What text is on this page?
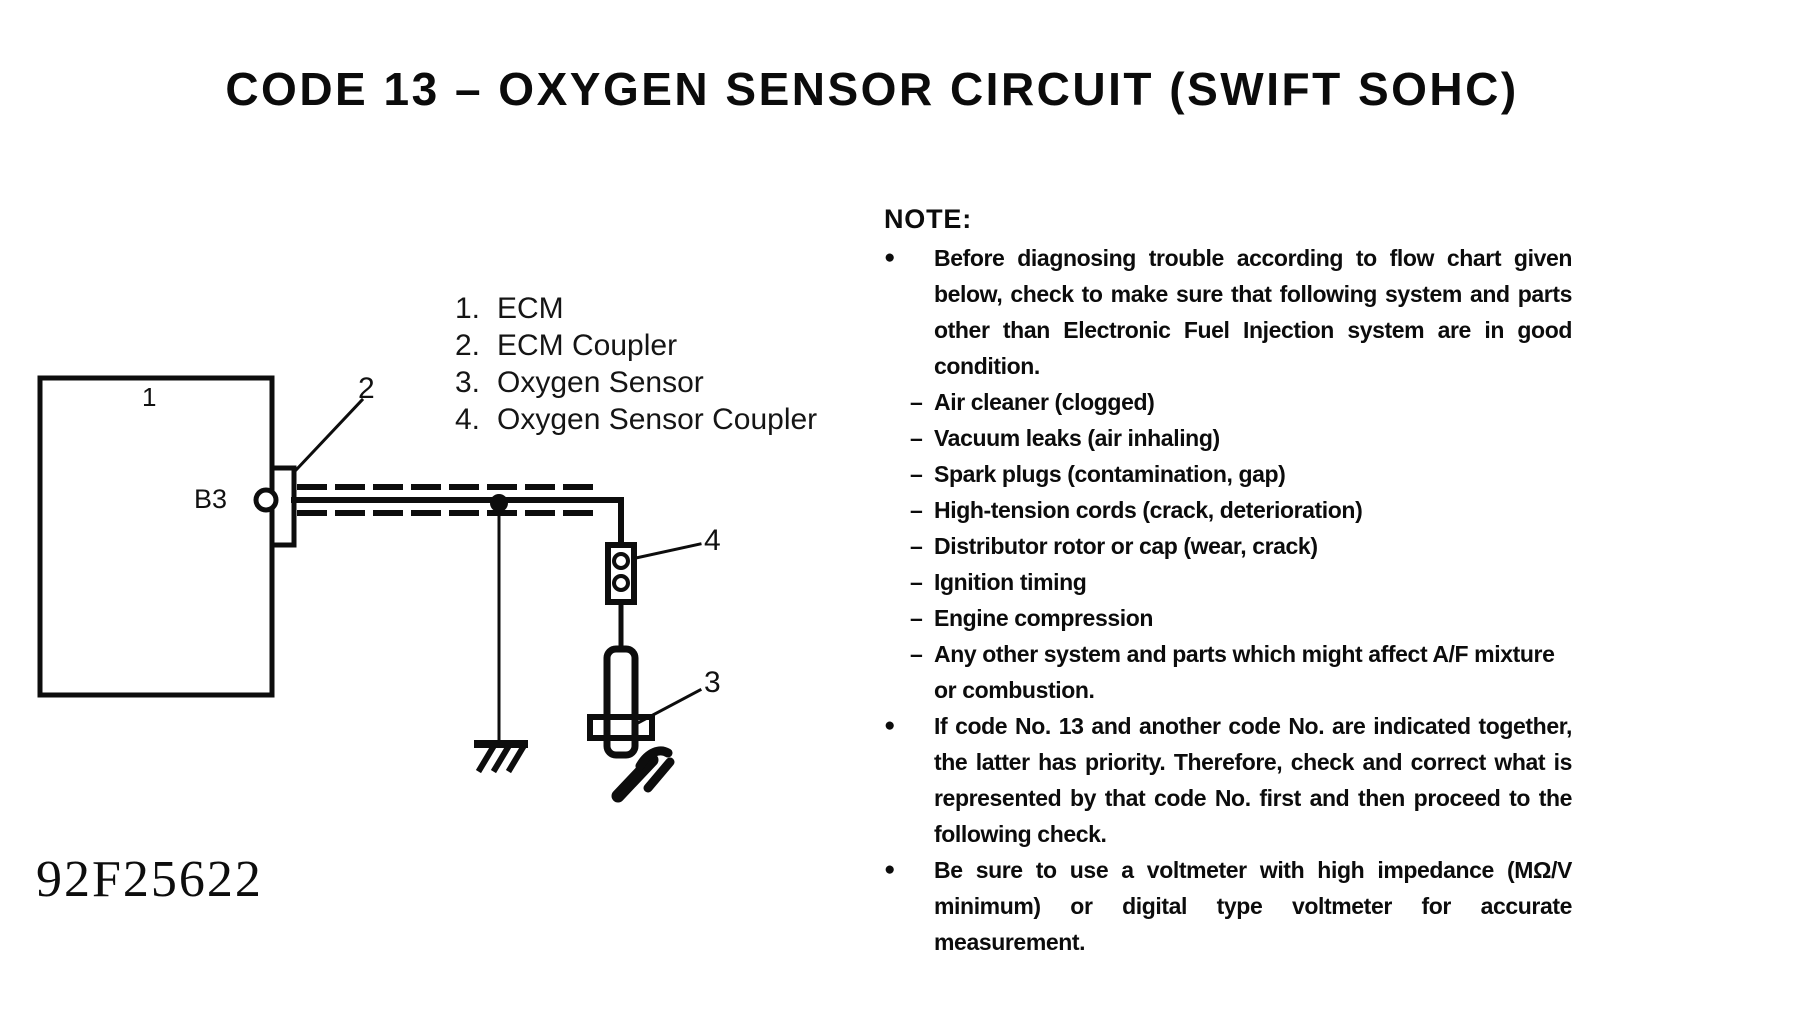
CODE 13 – OXYGEN SENSOR CIRCUIT (SWIFT SOHC)
1
B3
2
4
3
1. ECM
2. ECM Coupler
3. Oxygen Sensor
4. Oxygen Sensor Coupler
NOTE:
●	Before diagnosing trouble according to flow chart given below, check to make sure that following system and parts other than Electronic Fuel Injection system are in good condition.
– Air cleaner (clogged)
– Vacuum leaks (air inhaling)
– Spark plugs (contamination, gap)
– High-tension cords (crack, deterioration)
– Distributor rotor or cap (wear, crack)
– Ignition timing
– Engine compression
– Any other system and parts which might affect A/F mixture or combustion.
●	If code No. 13 and another code No. are indicated together, the latter has priority. Therefore, check and correct what is represented by that code No. first and then proceed to the following check.
●	Be sure to use a voltmeter with high impedance (MΩ/V minimum) or digital type voltmeter for accurate measurement.
92F25622
